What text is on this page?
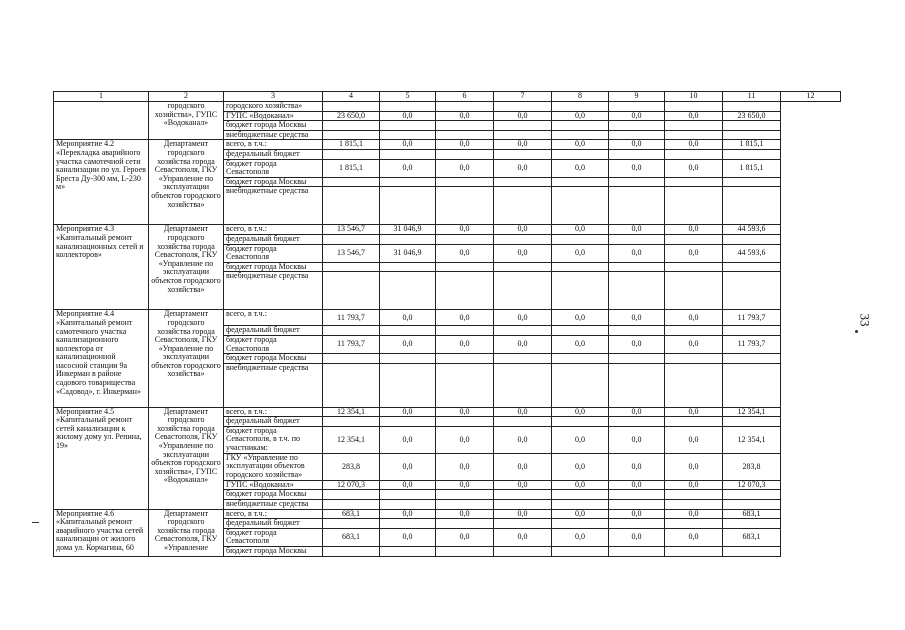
1	2	3	4	5	6	7	8	9	10	11	12
	городского хозяйства», ГУПС «Водоканал»	городского хозяйства»									
		ГУПС «Водоканал»	23 650,0	0,0	0,0	0,0	0,0	0,0	0,0	23 650,0	
		бюджет города Москвы									
		внебюджетные средства									
Мероприятие 4.2 «Перекладка аварийного участка самотечной сети канализации по ул. Героев Бреста Ду-300 мм, L-230 м»	Департамент городского хозяйства города Севастополя, ГКУ «Управление по эксплуатации объектов городского хозяйства»	всего, в т.ч.:	1 815,1	0,0	0,0	0,0	0,0	0,0	0,0	1 815,1	
		федеральный бюджет									
		бюджет города Севастополя	1 815,1	0,0	0,0	0,0	0,0	0,0	0,0	1 815,1	
		бюджет города Москвы									
		внебюджетные средства									
Мероприятие 4.3 «Капитальный ремонт канализационных сетей и коллекторов»	Департамент городского хозяйства города Севастополя, ГКУ «Управление по эксплуатации объектов городского хозяйства»	всего, в т.ч.:	13 546,7	31 046,9	0,0	0,0	0,0	0,0	0,0	44 593,6	
		федеральный бюджет									
		бюджет города Севастополя	13 546,7	31 046,9	0,0	0,0	0,0	0,0	0,0	44 593,6	
		бюджет города Москвы									
		внебюджетные средства									
Мероприятие 4.4 «Капитальный ремонт самотечного участка канализационного коллектора от канализационной насосной станции 9а Инкерман в районе садового товарищества «Садовод», г. Инкерман»	Департамент городского хозяйства города Севастополя, ГКУ «Управление по эксплуатации объектов городского хозяйства»	всего, в т.ч.:	11 793,7	0,0	0,0	0,0	0,0	0,0	0,0	11 793,7	
		федеральный бюджет									
		бюджет города Севастополя	11 793,7	0,0	0,0	0,0	0,0	0,0	0,0	11 793,7	
		бюджет города Москвы									
		внебюджетные средства									
Мероприятие 4.5 «Капитальный ремонт сетей канализации к жилому дому ул. Репина, 19»	Департамент городского хозяйства города Севастополя, ГКУ «Управление по эксплуатации объектов городского хозяйства», ГУПС «Водоканал»	всего, в т.ч.:	12 354,1	0,0	0,0	0,0	0,0	0,0	0,0	12 354,1	
		федеральный бюджет									
		бюджет города Севастополя, в т.ч. по участникам:	12 354,1	0,0	0,0	0,0	0,0	0,0	0,0	12 354,1	
		ГКУ «Управление по эксплуатации объектов городского хозяйства»	283,8	0,0	0,0	0,0	0,0	0,0	0,0	283,8	
		ГУПС «Водоканал»	12 070,3	0,0	0,0	0,0	0,0	0,0	0,0	12 070,3	
		бюджет города Москвы									
		внебюджетные средства									
Мероприятие 4.6 «Капитальный ремонт аварийного участка сетей канализации от жилого дома ул. Корчагина, 60	Департамент городского хозяйства города Севастополя, ГКУ «Управление	всего, в т.ч.:	683,1	0,0	0,0	0,0	0,0	0,0	0,0	683,1	
		федеральный бюджет									
		бюджет города Севастополя	683,1	0,0	0,0	0,0	0,0	0,0	0,0	683,1	
		бюджет города Москвы									
33
